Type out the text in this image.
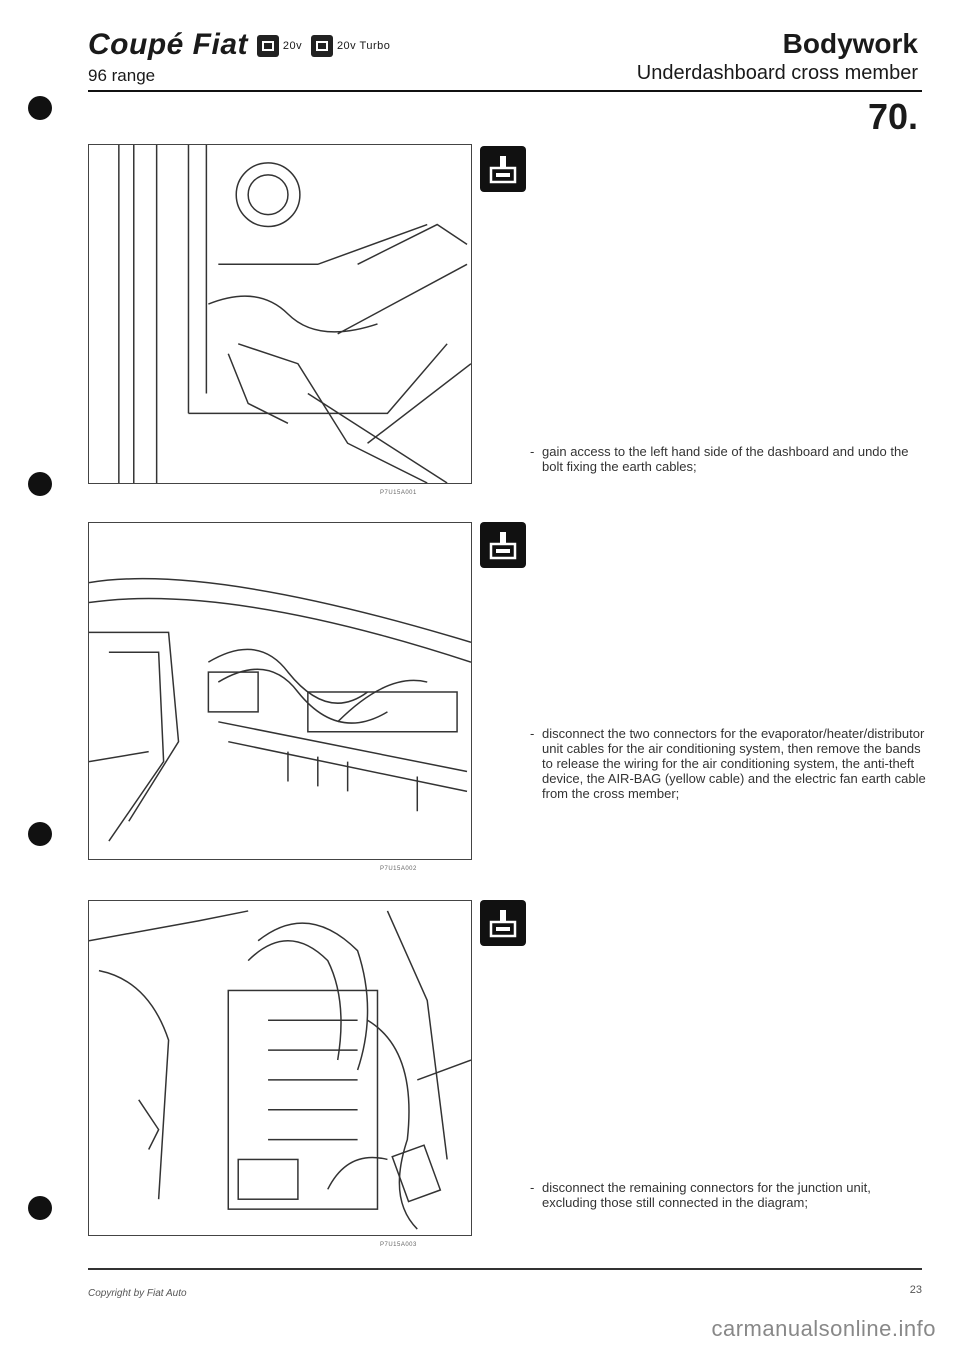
Coupé Fiat	20v	20v Turbo
96 range
Bodywork
Underdashboard cross member
70.
P7U15A001
P7U15A002
P7U15A003
- gain access to the left hand side of the dashboard and undo the bolt fixing the earth cables;
- disconnect the two connectors for the evaporator/heater/distributor unit cables for the air conditioning system, then remove the bands to release the wiring for the air conditioning system, the anti-theft device, the AIR-BAG (yellow cable) and the electric fan earth cable from the cross member;
- disconnect the remaining connectors for the junction unit, excluding those still connected in the diagram;
Copyright by Fiat Auto	23
carmanualsonline.info
